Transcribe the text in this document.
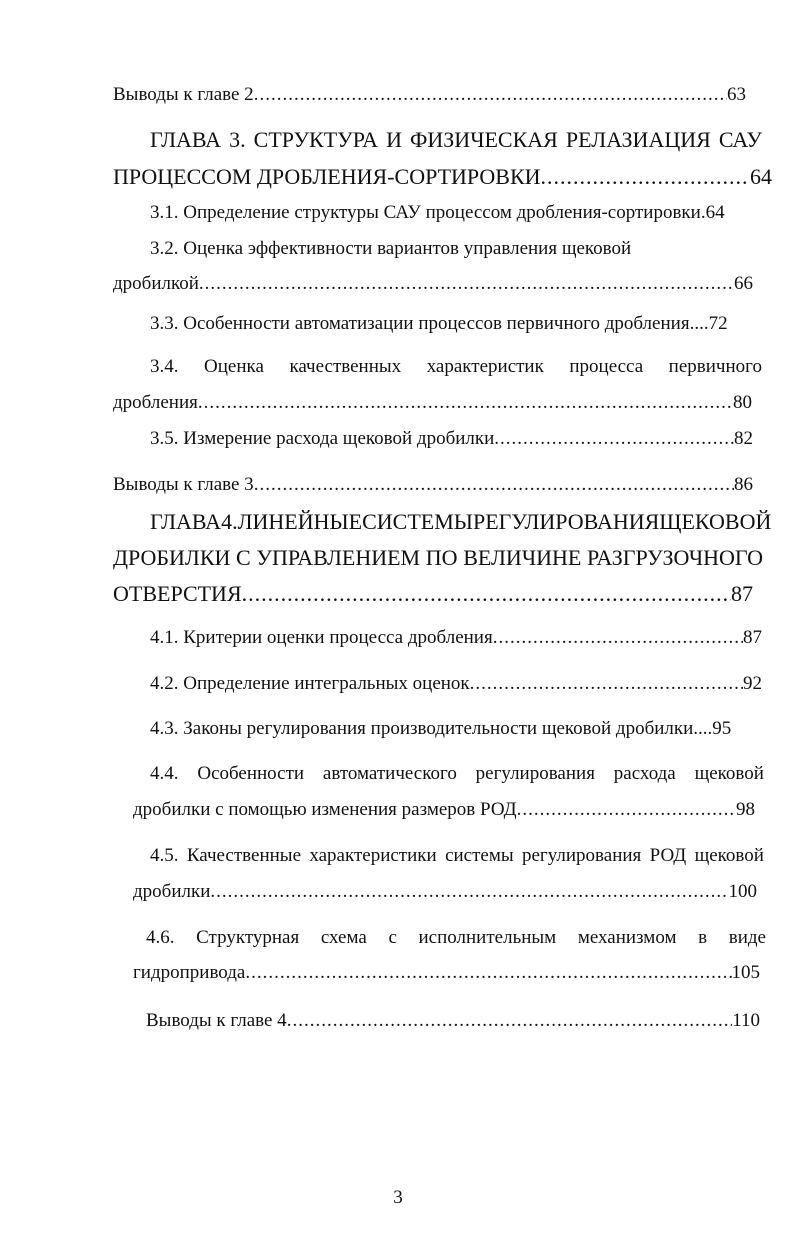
Выводы к главе 2 .....	63
ГЛАВА 3. СТРУКТУРА И ФИЗИЧЕСКАЯ РЕЛАЗИАЦИЯ САУ
ПРОЦЕССОМ ДРОБЛЕНИЯ-СОРТИРОВКИ .....	64
3.1. Определение структуры САУ процессом дробления-сортировки. 64
3.2. Оценка эффективности вариантов управления щековой
дробилкой .....	66
3.3. Особенности автоматизации процессов первичного дробления .... 72
3.4. Оценка качественных характеристик процесса первичного
дробления .....	80
3.5. Измерение расхода щековой дробилки .....	82
Выводы к главе 3 .....	86
ГЛАВА 4. ЛИНЕЙНЫЕ СИСТЕМЫ РЕГУЛИРОВАНИЯ ЩЕКОВОЙ
ДРОБИЛКИ С УПРАВЛЕНИЕМ ПО ВЕЛИЧИНЕ РАЗГРУЗОЧНОГО
ОТВЕРСТИЯ .....	87
4.1. Критерии оценки процесса дробления .....	87
4.2. Определение интегральных оценок .....	92
4.3. Законы регулирования производительности щековой дробилки .... 95
4.4. Особенности автоматического регулирования расхода щековой
дробилки с помощью изменения размеров РОД .....	98
4.5. Качественные характеристики системы регулирования РОД щековой
дробилки .....	100
4.6. Структурная схема с исполнительным механизмом в виде
гидропривода .....	105
Выводы к главе 4 .....	110
3
